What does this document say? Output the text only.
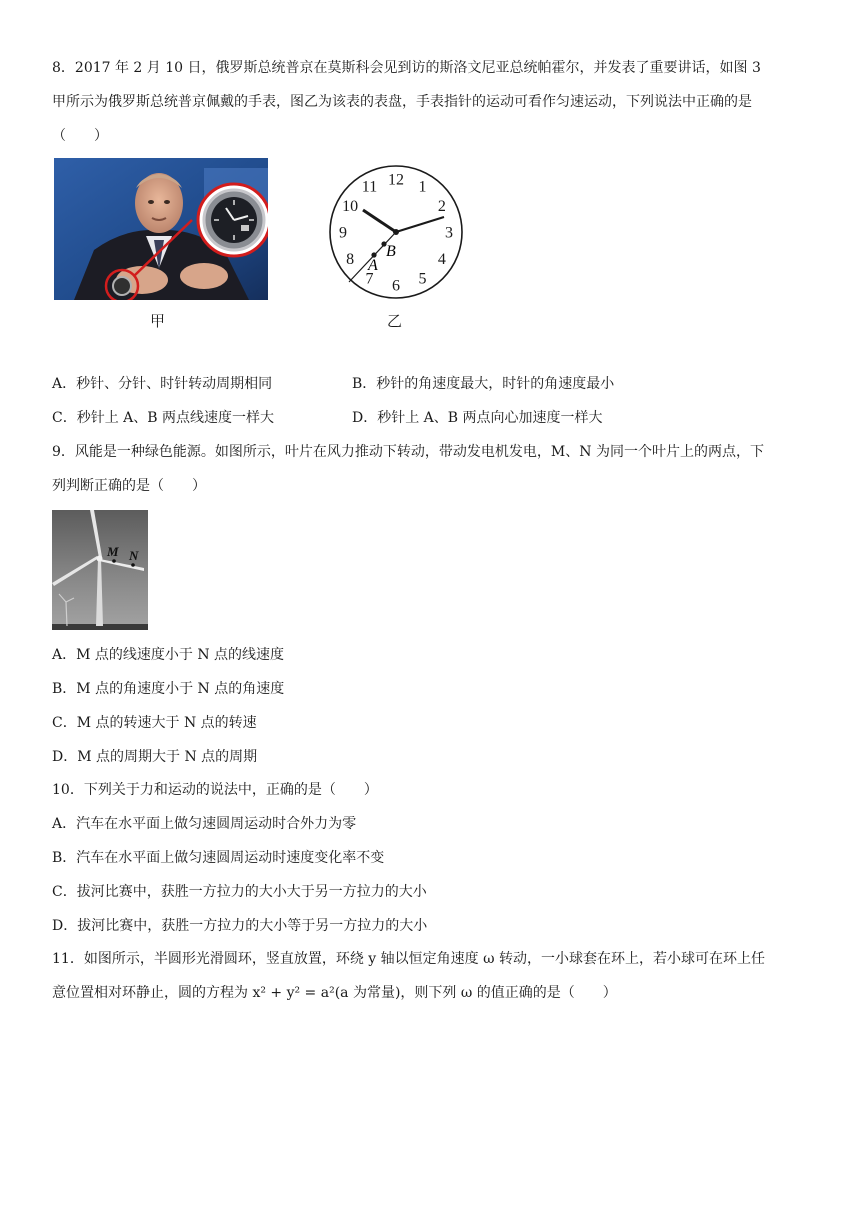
8．2017 年 2 月 10 日，俄罗斯总统普京在莫斯科会见到访的斯洛文尼亚总统帕霍尔，并发表了重要讲话，如图 3
甲所示为俄罗斯总统普京佩戴的手表，图乙为该表的表盘，手表指针的运动可看作匀速运动，下列说法中正确的是
（　　）
甲
B
A
12 1
2
3
4
5
6
7
8
9
10
11
乙
A．秒针、分针、时针转动周期相同	B．秒针的角速度最大，时针的角速度最小
C．秒针上 A、B 两点线速度一样大	D．秒针上 A、B 两点向心加速度一样大
9．风能是一种绿色能源。如图所示，叶片在风力推动下转动，带动发电机发电，M、N 为同一个叶片上的两点，下
列判断正确的是（　　）
M N
A．M 点的线速度小于 N 点的线速度
B．M 点的角速度小于 N 点的角速度
C．M 点的转速大于 N 点的转速
D．M 点的周期大于 N 点的周期
10．下列关于力和运动的说法中，正确的是（　　）
A．汽车在水平面上做匀速圆周运动时合外力为零
B．汽车在水平面上做匀速圆周运动时速度变化率不变
C．拔河比赛中，获胜一方拉力的大小大于另一方拉力的大小
D．拔河比赛中，获胜一方拉力的大小等于另一方拉力的大小
11．如图所示，半圆形光滑圆环，竖直放置，环绕 y 轴以恒定角速度 ω 转动，一小球套在环上，若小球可在环上任
意位置相对环静止，圆的方程为 x² + y² = a²(a 为常量)，则下列 ω 的值正确的是（　　）
